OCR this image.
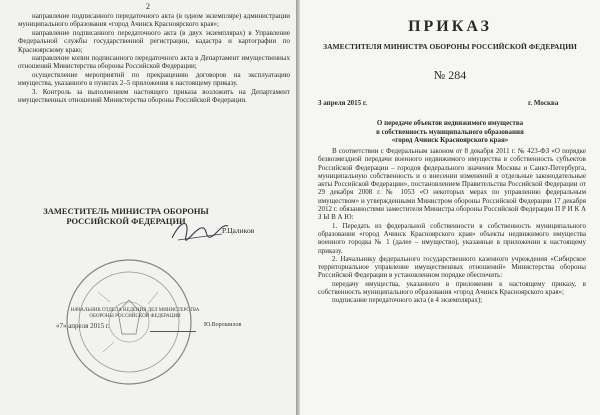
2

направление подписанного передаточного акта (в одном экземпляре) администрации муниципального образования «город Ачинск Красноярского края»;

направление подписанного передаточного акта (в двух экземплярах) в Управление Федеральной службы государственной регистрации, кадастра и картографии по Красноярскому краю;

направление копии подписанного передаточного акта в Департамент имущественных отношений Министерства обороны Российской Федерации;

осуществление мероприятий по прекращению договоров на эксплуатацию имущества, указанного в пунктах 2–5 приложения к настоящему приказу.

3. Контроль за выполнением настоящего приказа возложить на Департамент имущественных отношений Министерства обороны Российской Федерации.

ЗАМЕСТИТЕЛЬ МИНИСТРА ОБОРОНЫ РОССИЙСКОЙ ФЕДЕРАЦИИ
Р.Цаликов
НАЧАЛЬНИК ОТДЕЛА ВЕДЕНИЯ ДЕЛ МИНИСТЕРСТВА ОБОРОНЫ РОССИЙСКОЙ ФЕДЕРАЦИИ
Ю.Ворошилов
«7» апреля 2015 г.
ПРИКАЗ
ЗАМЕСТИТЕЛЯ МИНИСТРА ОБОРОНЫ РОССИЙСКОЙ ФЕДЕРАЦИИ
№ 284
3 апреля 2015 г.	г. Москва
О передаче объектов недвижимого имущества
в собственность муниципального образования
«город Ачинск Красноярского края»

В соответствии с Федеральным законом от 8 декабря 2011 г. № 423-ФЗ «О порядке безвозмездной передачи военного недвижимого имущества в собственность субъектов Российской Федерации – городов федерального значения Москвы и Санкт-Петербурга, муниципальную собственность и о внесении изменений в отдельные законодательные акты Российской Федерации», постановлением Правительства Российской Федерации от 29 декабря 2008 г. № 1053 «О некоторых мерах по управлению федеральным имуществом» и утвержденными Министром обороны Российской Федерации 17 декабря 2012 г. обязанностями заместителя Министра обороны Российской Федерации П Р И К А З Ы В А Ю:

1. Передать из федеральной собственности в собственность муниципального образования «город Ачинск Красноярского края» объекты недвижимого имущества военного городка № 1 (далее – имущество), указанные в приложении к настоящему приказу.

2. Начальнику федерального государственного казенного учреждения «Сибирское территориальное управление имущественных отношений» Министерства обороны Российской Федерации в установленном порядке обеспечить:

передачу имущества, указанного в приложении к настоящему приказу, в собственность муниципального образования «город Ачинск Красноярского края»;

подписание передаточного акта (в 4 экземплярах);
